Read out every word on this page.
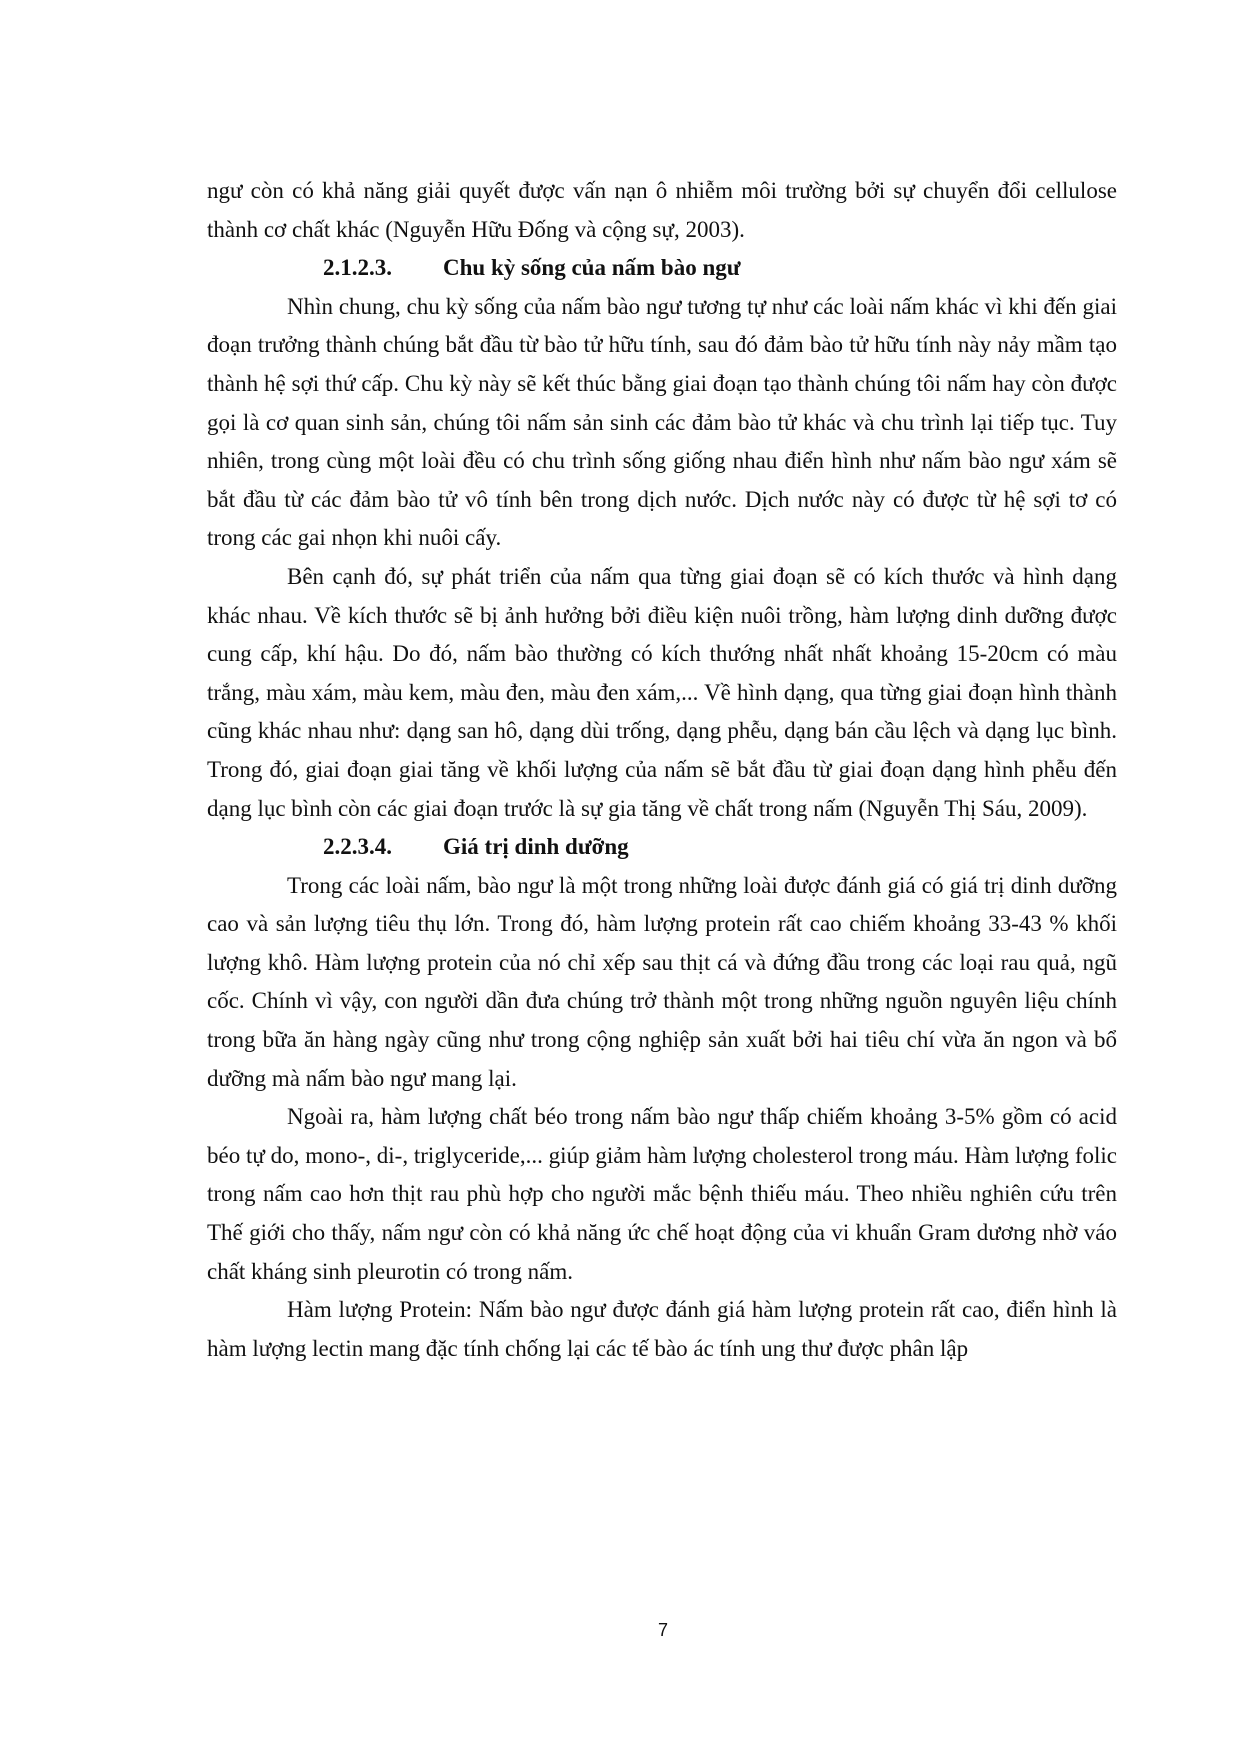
ngư còn có khả năng giải quyết được vấn nạn ô nhiễm môi trường bởi sự chuyển đổi cellulose thành cơ chất khác (Nguyễn Hữu Đống và cộng sự, 2003).

2.1.2.3.	Chu kỳ sống của nấm bào ngư

Nhìn chung, chu kỳ sống của nấm bào ngư tương tự như các loài nấm khác vì khi đến giai đoạn trưởng thành chúng bắt đầu từ bào tử hữu tính, sau đó đảm bào tử hữu tính này nảy mầm tạo thành hệ sợi thứ cấp. Chu kỳ này sẽ kết thúc bằng giai đoạn tạo thành chúng tôi nấm hay còn được gọi là cơ quan sinh sản, chúng tôi nấm sản sinh các đảm bào tử khác và chu trình lại tiếp tục. Tuy nhiên, trong cùng một loài đều có chu trình sống giống nhau điển hình như nấm bào ngư xám sẽ bắt đầu từ các đảm bào tử vô tính bên trong dịch nước. Dịch nước này có được từ hệ sợi tơ có trong các gai nhọn khi nuôi cấy.

Bên cạnh đó, sự phát triển của nấm qua từng giai đoạn sẽ có kích thước và hình dạng khác nhau. Về kích thước sẽ bị ảnh hưởng bởi điều kiện nuôi trồng, hàm lượng dinh dưỡng được cung cấp, khí hậu. Do đó, nấm bào thường có kích thướng nhất nhất khoảng 15-20cm có màu trắng, màu xám, màu kem, màu đen, màu đen xám,... Về hình dạng, qua từng giai đoạn hình thành cũng khác nhau như: dạng san hô, dạng dùi trống, dạng phễu, dạng bán cầu lệch và dạng lục bình. Trong đó, giai đoạn giai tăng về khối lượng của nấm sẽ bắt đầu từ giai đoạn dạng hình phễu đến dạng lục bình còn các giai đoạn trước là sự gia tăng về chất trong nấm (Nguyễn Thị Sáu, 2009).

2.2.3.4.	Giá trị dinh dưỡng

Trong các loài nấm, bào ngư là một trong những loài được đánh giá có giá trị dinh dưỡng cao và sản lượng tiêu thụ lớn. Trong đó, hàm lượng protein rất cao chiếm khoảng 33-43 % khối lượng khô. Hàm lượng protein của nó chỉ xếp sau thịt cá và đứng đầu trong các loại rau quả, ngũ cốc. Chính vì vậy, con người dần đưa chúng trở thành một trong những nguồn nguyên liệu chính trong bữa ăn hàng ngày cũng như trong cộng nghiệp sản xuất bởi hai tiêu chí vừa ăn ngon và bổ dưỡng mà nấm bào ngư mang lại.

Ngoài ra, hàm lượng chất béo trong nấm bào ngư thấp chiếm khoảng 3-5% gồm có acid béo tự do, mono-, di-, triglyceride,... giúp giảm hàm lượng cholesterol trong máu. Hàm lượng folic trong nấm cao hơn thịt rau phù hợp cho người mắc bệnh thiếu máu. Theo nhiều nghiên cứu trên Thế giới cho thấy, nấm ngư còn có khả năng ức chế hoạt động của vi khuẩn Gram dương nhờ váo chất kháng sinh pleurotin có trong nấm.

Hàm lượng Protein: Nấm bào ngư được đánh giá hàm lượng protein rất cao, điển hình là hàm lượng lectin mang đặc tính chống lại các tế bào ác tính ung thư được phân lập

7
